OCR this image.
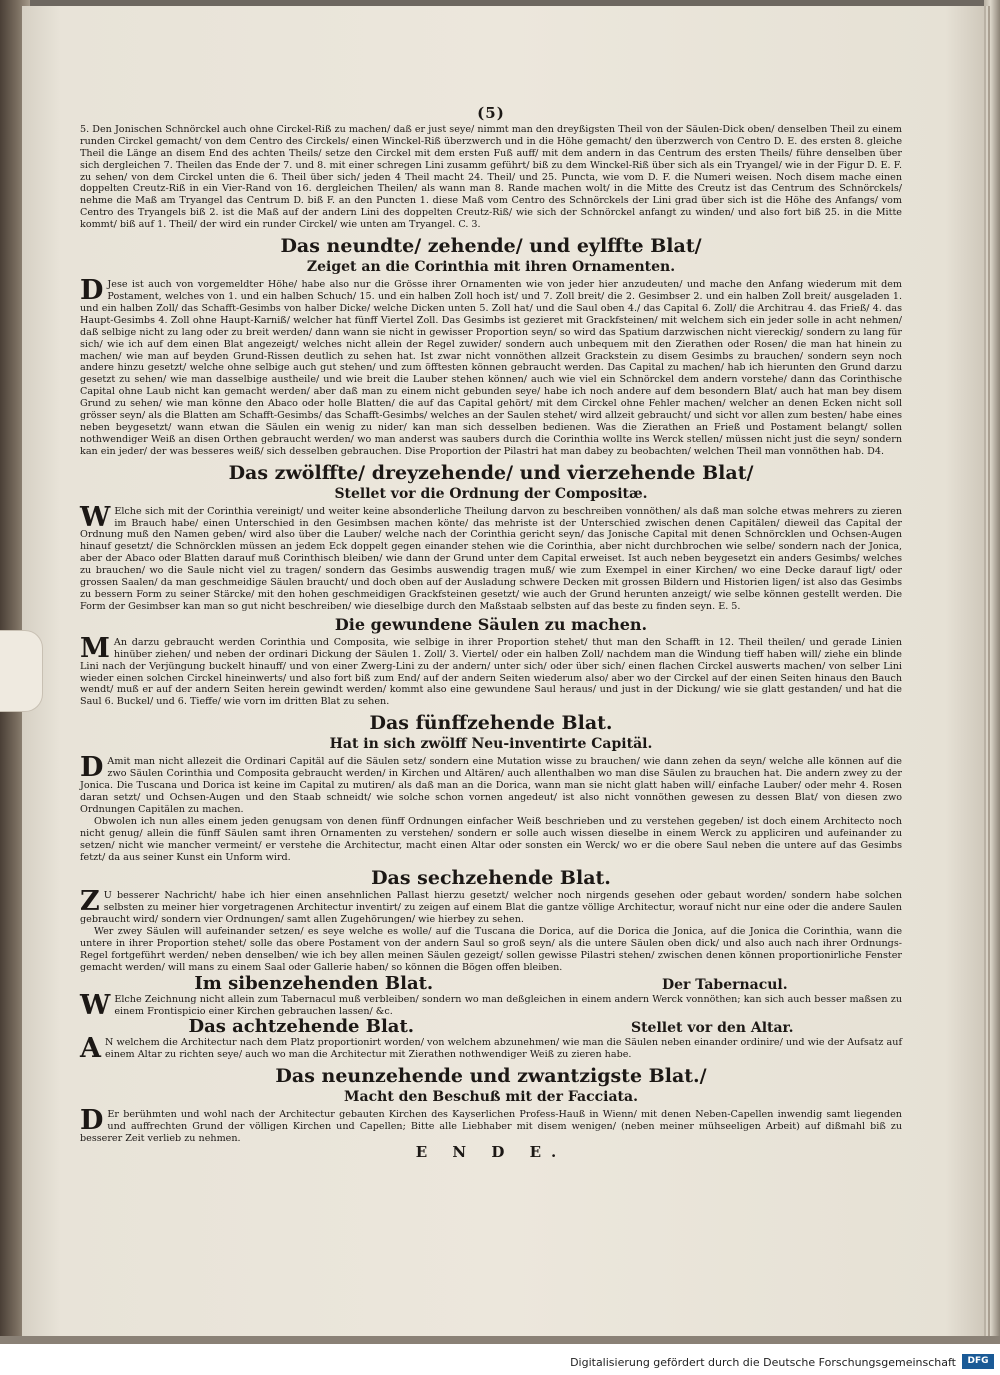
(5)

5. Den Jonischen Schnörckel auch ohne Circkel-Riß zu machen/ daß er just seye/ nimmt man den dreyßigsten Theil von der Säulen-Dick oben/ denselben Theil zu einem runden Circkel gemacht/ von dem Centro des Circkels/ einen Winckel-Riß überzwerch und in die Höhe gemacht/ den überzwerch von Centro D. E. des ersten 8. gleiche Theil die Länge an disem End des achten Theils/ setze den Circkel mit dem ersten Fuß auff/ mit dem andern in das Centrum des ersten Theils/ führe denselben über sich dergleichen 7. Theilen das Ende der 7. und 8. mit einer schregen Lini zusamm geführt/ biß zu dem Winckel-Riß über sich als ein Tryangel/ wie in der Figur D. E. F. zu sehen/ von dem Circkel unten die 6. Theil über sich/ jeden 4 Theil macht 24. Theil/ und 25. Puncta, wie vom D. F. die Numeri weisen. Noch disem mache einen doppelten Creutz-Riß in ein Vier-Rand von 16. dergleichen Theilen/ als wann man 8. Rande machen wolt/ in die Mitte des Creutz ist das Centrum des Schnörckels/ nehme die Maß am Tryangel das Centrum D. biß F. an den Puncten 1. diese Maß vom Centro des Schnörckels der Lini grad über sich ist die Höhe des Anfangs/ vom Centro des Tryangels biß 2. ist die Maß auf der andern Lini des doppelten Creutz-Riß/ wie sich der Schnörckel anfangt zu winden/ und also fort biß 25. in die Mitte kommt/ biß auf 1. Theil/ der wird ein runder Circkel/ wie unten am Tryangel. C. 3.

Das neundte/ zehende/ und eylffte Blat/
Zeiget an die Corinthia mit ihren Ornamenten.

D Jese ist auch von vorgemeldter Höhe/ habe also nur die Grösse ihrer Ornamenten wie von jeder hier anzudeuten/ und mache den Anfang wiederum mit dem Postament, welches von 1. und ein halben Schuch/ 15. und ein halben Zoll hoch ist/ und 7. Zoll breit/ die 2. Gesimbser 2. und ein halben Zoll breit/ ausgeladen 1. und ein halben Zoll/ das Schafft-Gesimbs von halber Dicke/ welche Dicken unten 5. Zoll hat/ und die Saul oben 4./ das Capital 6. Zoll/ die Architrau 4. das Frieß/ 4. das Haupt-Gesimbs 4. Zoll ohne Haupt-Karniß/ welcher hat fünff Viertel Zoll. Das Gesimbs ist gezieret mit Grackfsteinen/ mit welchem sich ein jeder solle in acht nehmen/ daß selbige nicht zu lang oder zu breit werden/ dann wann sie nicht in gewisser Proportion seyn/ so wird das Spatium darzwischen nicht viereckig/ sondern zu lang für sich/ wie ich auf dem einen Blat angezeigt/ welches nicht allein der Regel zuwider/ sondern auch unbequem mit den Zierathen oder Rosen/ die man hat hinein zu machen/ wie man auf beyden Grund-Rissen deutlich zu sehen hat. Ist zwar nicht vonnöthen allzeit Grackstein zu disem Gesimbs zu brauchen/ sondern seyn noch andere hinzu gesetzt/ welche ohne selbige auch gut stehen/ und zum öfftesten können gebraucht werden. Das Capital zu machen/ hab ich hierunten den Grund darzu gesetzt zu sehen/ wie man dasselbige austheile/ und wie breit die Lauber stehen können/ auch wie viel ein Schnörckel dem andern vorstehe/ dann das Corinthische Capital ohne Laub nicht kan gemacht werden/ aber daß man zu einem nicht gebunden seye/ habe ich noch andere auf dem besondern Blat/ auch hat man bey disem Grund zu sehen/ wie man könne den Abaco oder holle Blatten/ die auf das Capital gehört/ mit dem Circkel ohne Fehler machen/ welcher an denen Ecken nicht soll grösser seyn/ als die Blatten am Schafft-Gesimbs/ das Schafft-Gesimbs/ welches an der Saulen stehet/ wird allzeit gebraucht/ und sicht vor allen zum besten/ habe eines neben beygesetzt/ wann etwan die Säulen ein wenig zu nider/ kan man sich desselben bedienen. Was die Zierathen an Frieß und Postament belangt/ sollen nothwendiger Weiß an disen Orthen gebraucht werden/ wo man anderst was saubers durch die Corinthia wollte ins Werck stellen/ müssen nicht just die seyn/ sondern kan ein jeder/ der was besseres weiß/ sich desselben gebrauchen. Dise Proportion der Pilastri hat man dabey zu beobachten/ welchen Theil man vonnöthen hab. D4.

Das zwölffte/ dreyzehende/ und vierzehende Blat/
Stellet vor die Ordnung der Compositæ.

W Elche sich mit der Corinthia vereinigt/ und weiter keine absonderliche Theilung darvon zu beschreiben vonnöthen/ als daß man solche etwas mehrers zu zieren im Brauch habe/ einen Unterschied in den Gesimbsen machen könte/ das mehriste ist der Unterschied zwischen denen Capitälen/ dieweil das Capital der Ordnung muß den Namen geben/ wird also über die Lauber/ welche nach der Corinthia gericht seyn/ das Jonische Capital mit denen Schnörcklen und Ochsen-Augen hinauf gesetzt/ die Schnörcklen müssen an jedem Eck doppelt gegen einander stehen wie die Corinthia, aber nicht durchbrochen wie selbe/ sondern nach der Jonica, aber der Abaco oder Blatten darauf muß Corinthisch bleiben/ wie dann der Grund unter dem Capital erweiset. Ist auch neben beygesetzt ein anders Gesimbs/ welches zu brauchen/ wo die Saule nicht viel zu tragen/ sondern das Gesimbs auswendig tragen muß/ wie zum Exempel in einer Kirchen/ wo eine Decke darauf ligt/ oder grossen Saalen/ da man geschmeidige Säulen braucht/ und doch oben auf der Ausladung schwere Decken mit grossen Bildern und Historien ligen/ ist also das Gesimbs zu bessern Form zu seiner Stärcke/ mit den hohen geschmeidigen Grackfsteinen gesetzt/ wie auch der Grund herunten anzeigt/ wie selbe können gestellt werden. Die Form der Gesimbser kan man so gut nicht beschreiben/ wie dieselbige durch den Maßstaab selbsten auf das beste zu finden seyn. E. 5.

Die gewundene Säulen zu machen.

M An darzu gebraucht werden Corinthia und Composita, wie selbige in ihrer Proportion stehet/ thut man den Schafft in 12. Theil theilen/ und gerade Linien hinüber ziehen/ und neben der ordinari Dickung der Säulen 1. Zoll/ 3. Viertel/ oder ein halben Zoll/ nachdem man die Windung tieff haben will/ ziehe ein blinde Lini nach der Verjüngung buckelt hinauff/ und von einer Zwerg-Lini zu der andern/ unter sich/ oder über sich/ einen flachen Circkel auswerts machen/ von selber Lini wieder einen solchen Circkel hineinwerts/ und also fort biß zum End/ auf der andern Seiten wiederum also/ aber wo der Circkel auf der einen Seiten hinaus den Bauch wendt/ muß er auf der andern Seiten herein gewindt werden/ kommt also eine gewundene Saul heraus/ und just in der Dickung/ wie sie glatt gestanden/ und hat die Saul 6. Buckel/ und 6. Tieffe/ wie vorn im dritten Blat zu sehen.

Das fünffzehende Blat.
Hat in sich zwölff Neu-inventirte Capitäl.

D Amit man nicht allezeit die Ordinari Capitäl auf die Säulen setz/ sondern eine Mutation wisse zu brauchen/ wie dann zehen da seyn/ welche alle können auf die zwo Säulen Corinthia und Composita gebraucht werden/ in Kirchen und Altären/ auch allenthalben wo man dise Säulen zu brauchen hat. Die andern zwey zu der Jonica. Die Tuscana und Dorica ist keine im Capital zu mutiren/ als daß man an die Dorica, wann man sie nicht glatt haben will/ einfache Lauber/ oder mehr 4. Rosen daran setzt/ und Ochsen-Augen und den Staab schneidt/ wie solche schon vornen angedeut/ ist also nicht vonnöthen gewesen zu dessen Blat/ von diesen zwo Ordnungen Capitälen zu machen.

Obwolen ich nun alles einem jeden genugsam von denen fünff Ordnungen einfacher Weiß beschrieben und zu verstehen gegeben/ ist doch einem Architecto noch nicht genug/ allein die fünff Säulen samt ihren Ornamenten zu verstehen/ sondern er solle auch wissen dieselbe in einem Werck zu appliciren und aufeinander zu setzen/ nicht wie mancher vermeint/ er verstehe die Architectur, macht einen Altar oder sonsten ein Werck/ wo er die obere Saul neben die untere auf das Gesimbs fetzt/ da aus seiner Kunst ein Unform wird.

Das sechzehende Blat.

Z U besserer Nachricht/ habe ich hier einen ansehnlichen Pallast hierzu gesetzt/ welcher noch nirgends gesehen oder gebaut worden/ sondern habe solchen selbsten zu meiner hier vorgetragenen Architectur inventirt/ zu zeigen auf einem Blat die gantze völlige Architectur, worauf nicht nur eine oder die andere Saulen gebraucht wird/ sondern vier Ordnungen/ samt allen Zugehörungen/ wie hierbey zu sehen.

Wer zwey Säulen will aufeinander setzen/ es seye welche es wolle/ auf die Tuscana die Dorica, auf die Dorica die Jonica, auf die Jonica die Corinthia, wann die untere in ihrer Proportion stehet/ solle das obere Postament von der andern Saul so groß seyn/ als die untere Säulen oben dick/ und also auch nach ihrer Ordnungs-Regel fortgeführt werden/ neben denselben/ wie ich bey allen meinen Säulen gezeigt/ sollen gewisse Pilastri stehen/ zwischen denen können proportionirliche Fenster gemacht werden/ will mans zu einem Saal oder Gallerie haben/ so können die Bögen offen bleiben.

Im sibenzehenden Blat.	Der Tabernacul.

W Elche Zeichnung nicht allein zum Tabernacul muß verbleiben/ sondern wo man deßgleichen in einem andern Werck vonnöthen; kan sich auch besser maßsen zu einem Frontispicio einer Kirchen gebrauchen lassen/ &c.

Das achtzehende Blat.	Stellet vor den Altar.

A N welchem die Architectur nach dem Platz proportionirt worden/ von welchem abzunehmen/ wie man die Säulen neben einander ordinire/ und wie der Aufsatz auf einem Altar zu richten seye/ auch wo man die Architectur mit Zierathen nothwendiger Weiß zu zieren habe.

Das neunzehende und zwantzigste Blat./
Macht den Beschuß mit der Facciata.

D Er berühmten und wohl nach der Architectur gebauten Kirchen des Kayserlichen Profess-Hauß in Wienn/ mit denen Neben-Capellen inwendig samt liegenden und auffrechten Grund der völligen Kirchen und Capellen; Bitte alle Liebhaber mit disem wenigen/ (neben meiner mühseeligen Arbeit) auf dißmahl biß zu besserer Zeit verlieb zu nehmen.

E N D E.
Digitalisierung gefördert durch die Deutsche Forschungsgemeinschaft	DFG
